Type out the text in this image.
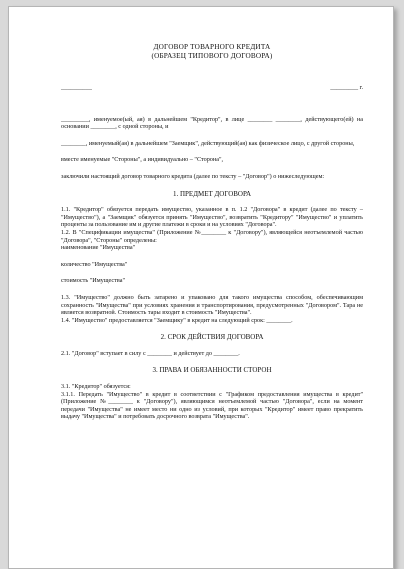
ДОГОВОР ТОВАРНОГО КРЕДИТА
(ОБРАЗЕЦ ТИПОВОГО ДОГОВОРА)
__________	_________ г.

_________, именуемое(ый, ая) в дальнейшем "Кредитор", в лице ________ ________, действующего(ей) на основании ________, с одной стороны, и

________, именуемый(ая) в дальнейшем "Заемщик", действующий(ая) как физическое лицо, с другой стороны,

вместе именуемые "Стороны", а индивидуально – "Сторона",

заключили настоящий договор товарного кредита (далее по тексту – "Договор") о нижеследующем:

1. ПРЕДМЕТ ДОГОВОРА

1.1. "Кредитор" обязуется передать имущество, указанное в п. 1.2 "Договора" в кредит (далее по тексту – "Имущество"), а "Заемщик" обязуется принять "Имущество", возвратить "Кредитору" "Имущество" и уплатить проценты за пользование им и другие платежи в сроки и на условиях "Договора".

1.2. В "Спецификации имущества" (Приложение №________ к "Договору"), являющейся неотъемлемой частью "Договора", "Стороны" определены:

наименование "Имущества"

количество "Имущества"

стоимость "Имущества"

1.3. "Имущество" должно быть затарено и упаковано для такого имущества способом, обеспечивающим сохранность "Имущества" при условиях хранения и транспортирования, предусмотренных "Договором". Тара не является возвратной. Стоимость тары входит в стоимость "Имущества".

1.4. "Имущество" предоставляется "Заемщику" в кредит на следующий срок: ________.

2. СРОК ДЕЙСТВИЯ ДОГОВОРА

2.1. "Договор" вступает в силу с ________ и действует до ________.

3. ПРАВА И ОБЯЗАННОСТИ СТОРОН

3.1. "Кредитор" обязуется:

3.1.1. Передать "Имущество" в кредит в соответствии с "Графиком предоставления имущества в кредит" (Приложение №________ к "Договору"), являющимся неотъемлемой частью "Договора", если на момент передачи "Имущества" не имеет место ни одно из условий, при которых "Кредитор" имеет право прекратить выдачу "Имущества" и потребовать досрочного возврата "Имущества".
